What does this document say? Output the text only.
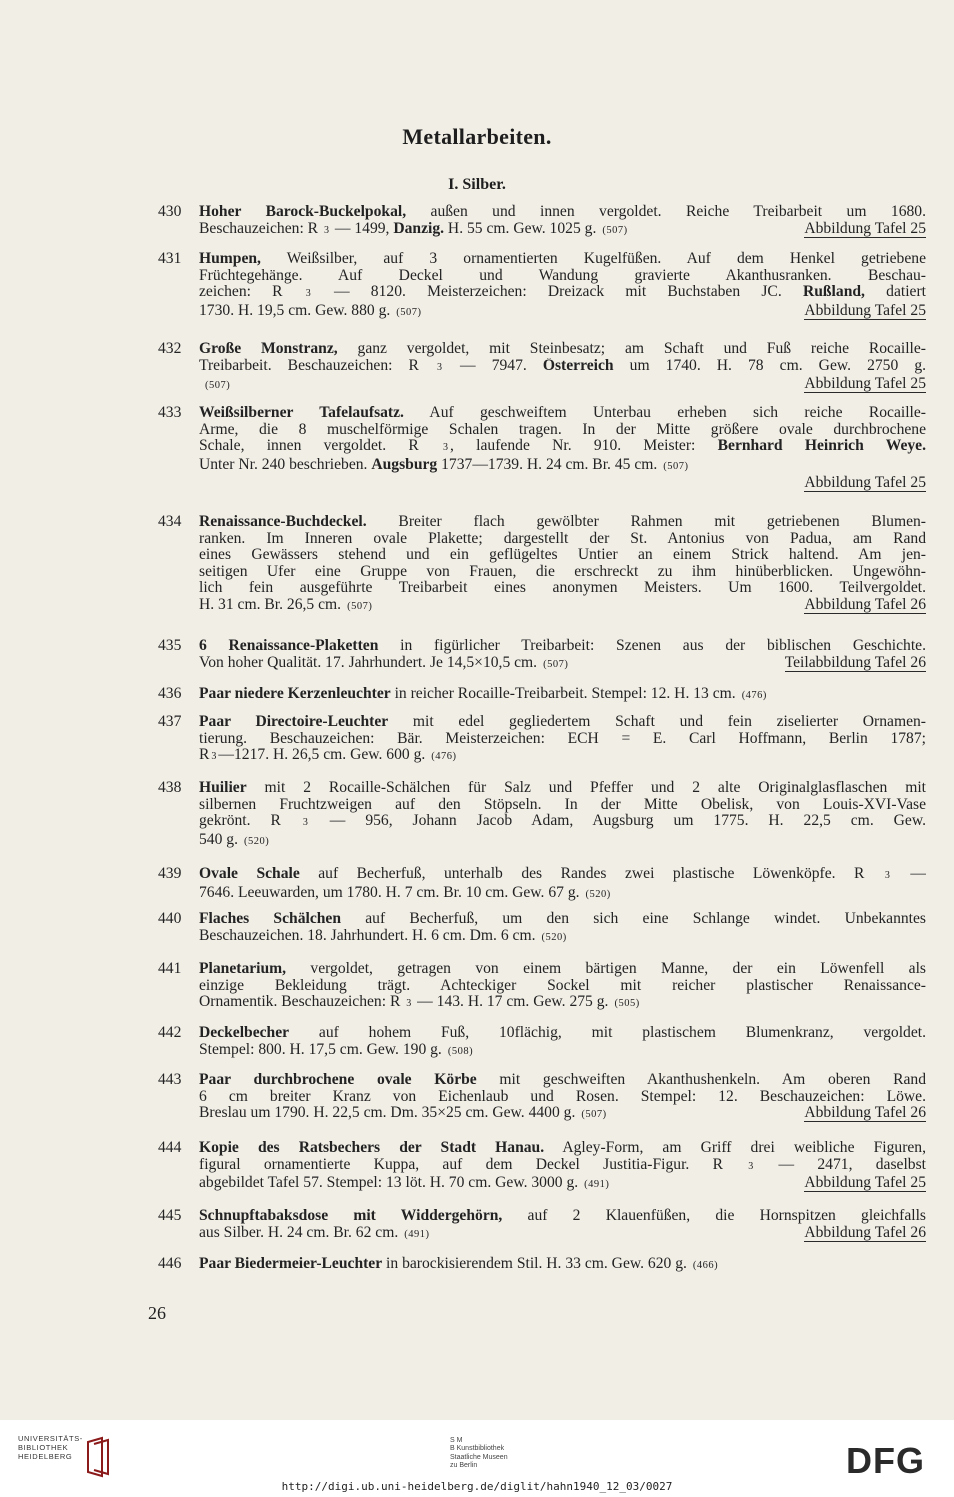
Metallarbeiten.
I. Silber.
430 Hoher Barock-Buckelpokal, außen und innen vergoldet. Reiche Treibarbeit um 1680.
Beschauzeichen: R 3 — 1499, Danzig. H. 55 cm. Gew. 1025 g. (507)	Abbildung Tafel 25
431 Humpen, Weißsilber, auf 3 ornamentierten Kugelfüßen. Auf dem Henkel getriebene
Früchtegehänge. Auf Deckel und Wandung gravierte Akanthusranken. Beschau-
zeichen: R 3 — 8120. Meisterzeichen: Dreizack mit Buchstaben JC. Rußland, datiert
1730. H. 19,5 cm. Gew. 880 g. (507)	Abbildung Tafel 25
432 Große Monstranz, ganz vergoldet, mit Steinbesatz; am Schaft und Fuß reiche Rocaille-
Treibarbeit. Beschauzeichen: R 3 — 7947. Österreich um 1740. H. 78 cm. Gew. 2750 g.
(507)	Abbildung Tafel 25
433 Weißsilberner Tafelaufsatz. Auf geschweiftem Unterbau erheben sich reiche Rocaille-
Arme, die 8 muschelförmige Schalen tragen. In der Mitte größere ovale durchbrochene
Schale, innen vergoldet. R 3 , laufende Nr. 910. Meister: Bernhard Heinrich Weye.
Unter Nr. 240 beschrieben. Augsburg 1737—1739. H. 24 cm. Br. 45 cm. (507)
Abbildung Tafel 25
434 Renaissance-Buchdeckel. Breiter flach gewölbter Rahmen mit getriebenen Blumen-
ranken. Im Inneren ovale Plakette; dargestellt der St. Antonius von Padua, am Rand
eines Gewässers stehend und ein geflügeltes Untier an einem Strick haltend. Am jen-
seitigen Ufer eine Gruppe von Frauen, die erschreckt zu ihm hinüberblicken. Ungewöhn-
lich fein ausgeführte Treibarbeit eines anonymen Meisters. Um 1600. Teilvergoldet.
H. 31 cm. Br. 26,5 cm. (507)	Abbildung Tafel 26
435 6 Renaissance-Plaketten in figürlicher Treibarbeit: Szenen aus der biblischen Geschichte.
Von hoher Qualität. 17. Jahrhundert. Je 14,5×10,5 cm. (507)	Teilabbildung Tafel 26
436 Paar niedere Kerzenleuchter in reicher Rocaille-Treibarbeit. Stempel: 12. H. 13 cm. (476)
437 Paar Directoire-Leuchter mit edel gegliedertem Schaft und fein ziselierter Ornamen-
tierung. Beschauzeichen: Bär. Meisterzeichen: ECH = E. Carl Hoffmann, Berlin 1787;
R 3 —1217. H. 26,5 cm. Gew. 600 g. (476)
438 Huilier mit 2 Rocaille-Schälchen für Salz und Pfeffer und 2 alte Originalglasflaschen mit
silbernen Fruchtzweigen auf den Stöpseln. In der Mitte Obelisk, von Louis-XVI-Vase
gekrönt. R 3 — 956, Johann Jacob Adam, Augsburg um 1775. H. 22,5 cm. Gew.
540 g. (520)
439 Ovale Schale auf Becherfuß, unterhalb des Randes zwei plastische Löwenköpfe. R 3 —
7646. Leeuwarden, um 1780. H. 7 cm. Br. 10 cm. Gew. 67 g. (520)
440 Flaches Schälchen auf Becherfuß, um den sich eine Schlange windet. Unbekanntes
Beschauzeichen. 18. Jahrhundert. H. 6 cm. Dm. 6 cm. (520)
441 Planetarium, vergoldet, getragen von einem bärtigen Manne, der ein Löwenfell als
einzige Bekleidung trägt. Achteckiger Sockel mit reicher plastischer Renaissance-
Ornamentik. Beschauzeichen: R 3 — 143. H. 17 cm. Gew. 275 g. (505)
442 Deckelbecher auf hohem Fuß, 10flächig, mit plastischem Blumenkranz, vergoldet.
Stempel: 800. H. 17,5 cm. Gew. 190 g. (508)
443 Paar durchbrochene ovale Körbe mit geschweiften Akanthushenkeln. Am oberen Rand
6 cm breiter Kranz von Eichenlaub und Rosen. Stempel: 12. Beschauzeichen: Löwe.
Breslau um 1790. H. 22,5 cm. Dm. 35×25 cm. Gew. 4400 g. (507)	Abbildung Tafel 26
444 Kopie des Ratsbechers der Stadt Hanau. Agley-Form, am Griff drei weibliche Figuren,
figural ornamentierte Kuppa, auf dem Deckel Justitia-Figur. R 3 — 2471, daselbst
abgebildet Tafel 57. Stempel: 13 löt. H. 70 cm. Gew. 3000 g. (491)	Abbildung Tafel 25
445 Schnupftabaksdose mit Widdergehörn, auf 2 Klauenfüßen, die Hornspitzen gleichfalls
aus Silber. H. 24 cm. Br. 62 cm. (491)	Abbildung Tafel 26
446 Paar Biedermeier-Leuchter in barockisierendem Stil. H. 33 cm. Gew. 620 g. (466)
26
UNIVERSITÄTS-
BIBLIOTHEK
HEIDELBERG
S M
B Kunstbibliothek
Staatliche Museen
zu Berlin	DFG
http://digi.ub.uni-heidelberg.de/diglit/hahn1940_12_03/0027
